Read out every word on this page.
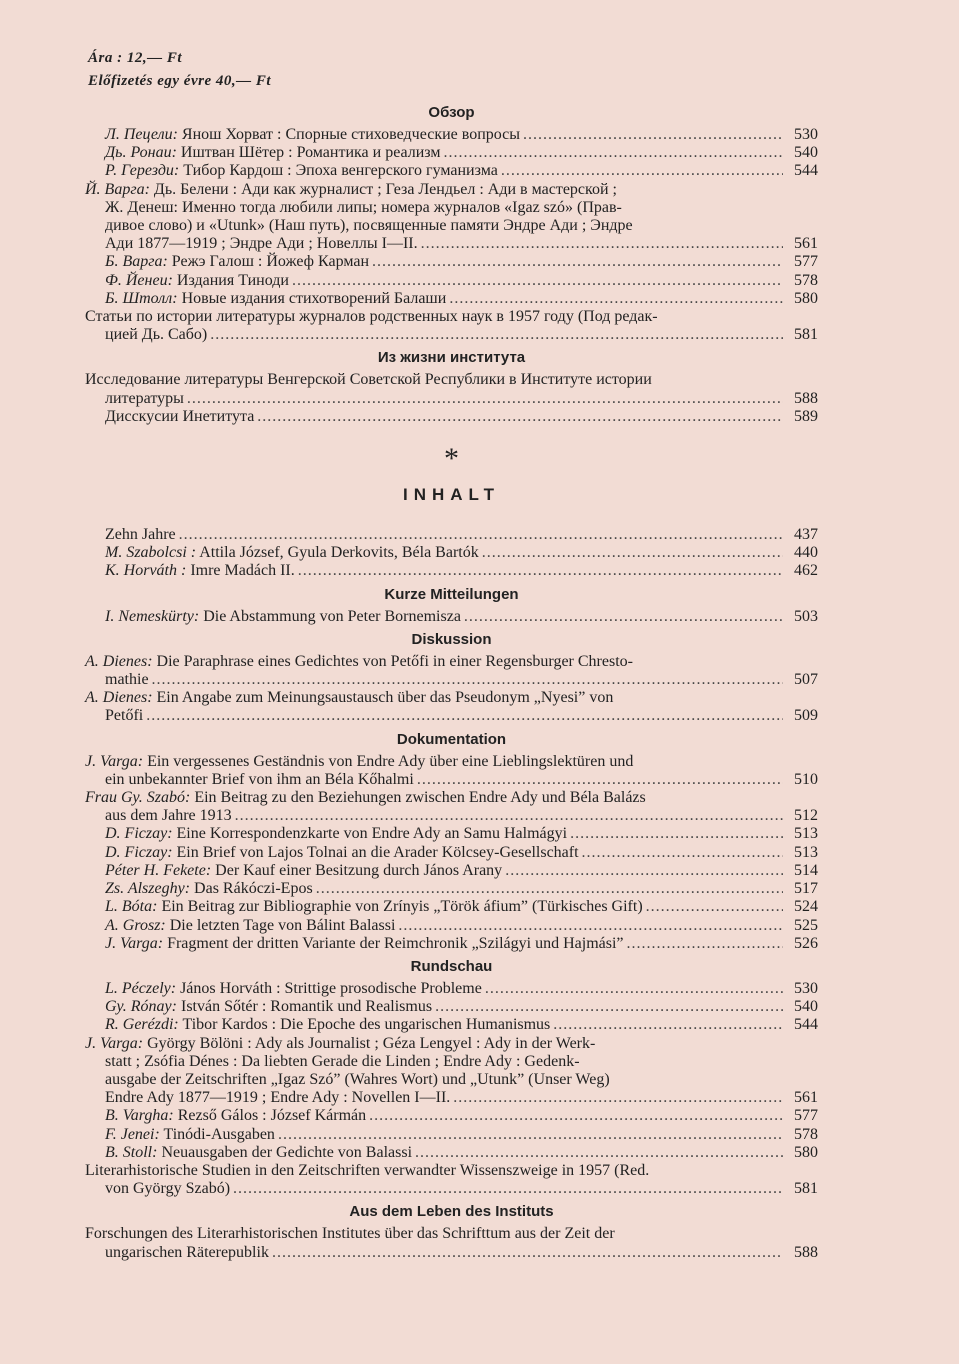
Ára : 12,— Ft
Előfizetés egy évre 40,— Ft
Обзор
Л. Пецели: Янош Хорват : Спорные стиховедческие вопросы .....	530
Дь. Ронаи: Иштван Шётер : Романтика и реализм .....	540
Р. Герезди: Тибор Кардош : Эпоха венгерского гуманизма .....	544
Й. Варга: Дь. Белени : Ади как журналист ; Геза Лендьел : Ади в мастерской ;
Ж. Денеш: Именно тогда любили липы; номера журналов «Igaz szó» (Прав-
дивое слово) и «Utunk» (Наш путь), посвященные памяти Эндре Ади ; Эндре
Ади 1877—1919 ; Эндре Ади ; Новеллы I—II. .....	561
Б. Варга: Режэ Галош : Йожеф Карман .....	577
Ф. Йенеи: Издания Тиноди .....	578
Б. Штолл: Новые издания стихотворений Балаши .....	580
Статьи по истории литературы журналов родственных наук в 1957 году (Под редак-
цией Дь. Сабо) .....	581
Из жизни института
Исследование литературы Венгерской Советской Республики в Институте истории
литературы .....	588
Дисскусии Инетитута .....	589
*
INHALT
Zehn Jahre .....	437
M. Szabolcsi : Attila József, Gyula Derkovits, Béla Bartók .....	440
K. Horváth : Imre Madách II. .....	462
Kurze Mitteilungen
I. Nemeskürty: Die Abstammung von Peter Bornemisza .....	503
Diskussion
A. Dienes: Die Paraphrase eines Gedichtes von Petőfi in einer Regensburger Chresto-
mathie .....	507
A. Dienes: Ein Angabe zum Meinungsaustausch über das Pseudonym „Nyesi” von
Petőfi .....	509
Dokumentation
J. Varga: Ein vergessenes Geständnis von Endre Ady über eine Lieblingslektüren und
ein unbekannter Brief von ihm an Béla Kőhalmi .....	510
Frau Gy. Szabó: Ein Beitrag zu den Beziehungen zwischen Endre Ady und Béla Balázs
aus dem Jahre 1913 .....	512
D. Ficzay: Eine Korrespondenzkarte von Endre Ady an Samu Halmágyi .....	513
D. Ficzay: Ein Brief von Lajos Tolnai an die Arader Kölcsey-Gesellschaft .....	513
Péter H. Fekete: Der Kauf einer Besitzung durch János Arany .....	514
Zs. Alszeghy: Das Rákóczi-Epos .....	517
L. Bóta: Ein Beitrag zur Bibliographie von Zrínyis „Török áfium” (Türkisches Gift) .....	524
A. Grosz: Die letzten Tage von Bálint Balassi .....	525
J. Varga: Fragment der dritten Variante der Reimchronik „Szilágyi und Hajmási” .....	526
Rundschau
L. Péczely: János Horváth : Strittige prosodische Probleme .....	530
Gy. Rónay: István Sőtér : Romantik und Realismus .....	540
R. Gerézdi: Tibor Kardos : Die Epoche des ungarischen Humanismus .....	544
J. Varga: György Bölöni : Ady als Journalist ; Géza Lengyel : Ady in der Werk-
statt ; Zsófia Dénes : Da liebten Gerade die Linden ; Endre Ady : Gedenk-
ausgabe der Zeitschriften „Igaz Szó” (Wahres Wort) und „Utunk” (Unser Weg)
Endre Ady 1877—1919 ; Endre Ady : Novellen I—II. .....	561
B. Vargha: Rezső Gálos : József Kármán .....	577
F. Jenei: Tinódi-Ausgaben .....	578
B. Stoll: Neuausgaben der Gedichte von Balassi .....	580
Literarhistorische Studien in den Zeitschriften verwandter Wissenszweige in 1957 (Red.
von György Szabó) .....	581
Aus dem Leben des Instituts
Forschungen des Literarhistorischen Institutes über das Schrifttum aus der Zeit der
ungarischen Räterepublik .....	588
